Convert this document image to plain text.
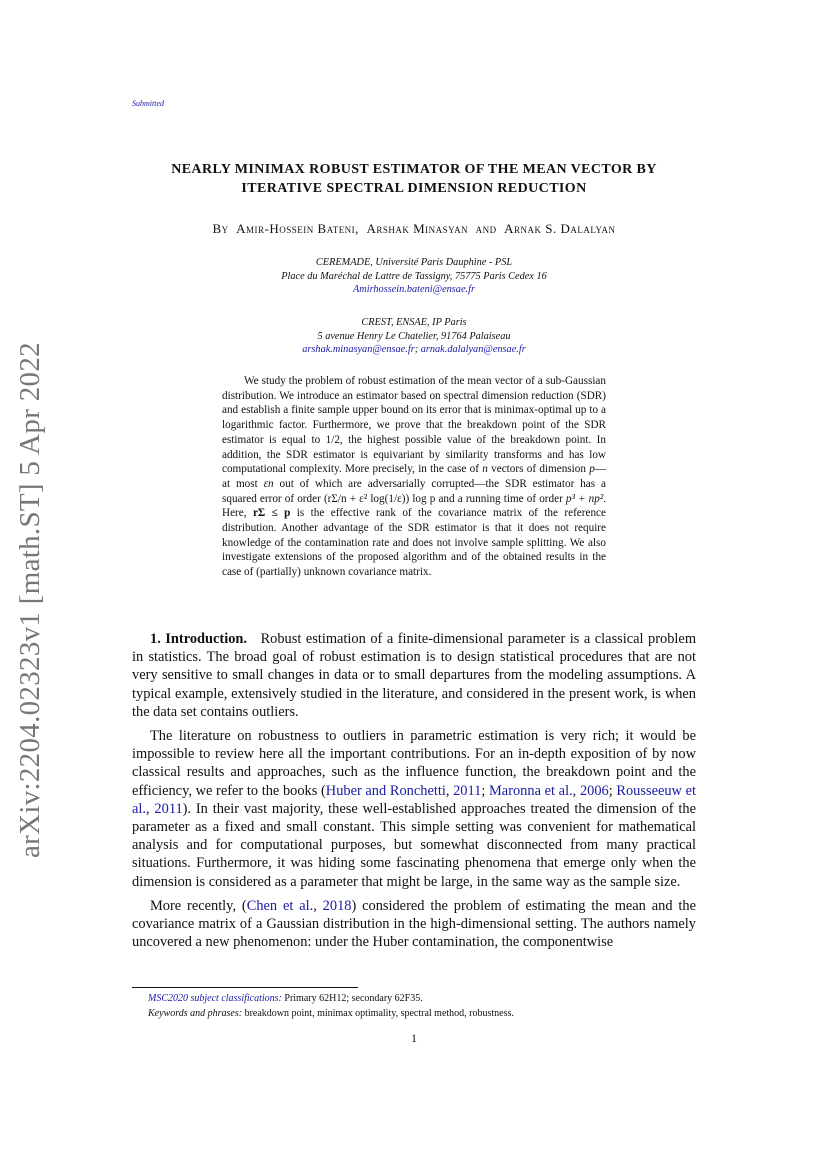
Submitted
arXiv:2204.02323v1 [math.ST] 5 Apr 2022
NEARLY MINIMAX ROBUST ESTIMATOR OF THE MEAN VECTOR BY
ITERATIVE SPECTRAL DIMENSION REDUCTION
By Amir-Hossein Bateni, Arshak Minasyan and Arnak S. Dalalyan
CEREMADE, Université Paris Dauphine - PSL
Place du Maréchal de Lattre de Tassigny, 75775 Paris Cedex 16
Amirhossein.bateni@ensae.fr
CREST, ENSAE, IP Paris
5 avenue Henry Le Chatelier, 91764 Palaiseau
arshak.minasyan@ensae.fr; arnak.dalalyan@ensae.fr
We study the problem of robust estimation of the mean vector of a sub-Gaussian distribution. We introduce an estimator based on spectral dimension reduction (SDR) and establish a finite sample upper bound on its error that is minimax-optimal up to a logarithmic factor. Furthermore, we prove that the breakdown point of the SDR estimator is equal to 1/2, the highest possible value of the breakdown point. In addition, the SDR estimator is equivariant by similarity transforms and has low computational complexity. More precisely, in the case of n vectors of dimension p—at most εn out of which are adversarially corrupted—the SDR estimator has a squared error of order (rΣ/n + ε² log(1/ε)) log p and a running time of order p³ + np². Here, rΣ ≤ p is the effective rank of the covariance matrix of the reference distribution. Another advantage of the SDR estimator is that it does not require knowledge of the contamination rate and does not involve sample splitting. We also investigate extensions of the proposed algorithm and of the obtained results in the case of (partially) unknown covariance matrix.

1. Introduction. Robust estimation of a finite-dimensional parameter is a classical problem in statistics. The broad goal of robust estimation is to design statistical procedures that are not very sensitive to small changes in data or to small departures from the modeling assumptions. A typical example, extensively studied in the literature, and considered in the present work, is when the data set contains outliers.

The literature on robustness to outliers in parametric estimation is very rich; it would be impossible to review here all the important contributions. For an in-depth exposition of by now classical results and approaches, such as the influence function, the breakdown point and the efficiency, we refer to the books (Huber and Ronchetti, 2011; Maronna et al., 2006; Rousseeuw et al., 2011). In their vast majority, these well-established approaches treated the dimension of the parameter as a fixed and small constant. This simple setting was convenient for mathematical analysis and for computational purposes, but somewhat disconnected from many practical situations. Furthermore, it was hiding some fascinating phenomena that emerge only when the dimension is considered as a parameter that might be large, in the same way as the sample size.

More recently, (Chen et al., 2018) considered the problem of estimating the mean and the covariance matrix of a Gaussian distribution in the high-dimensional setting. The authors namely uncovered a new phenomenon: under the Huber contamination, the componentwise

MSC2020 subject classifications: Primary 62H12; secondary 62F35.
Keywords and phrases: breakdown point, minimax optimality, spectral method, robustness.
1
